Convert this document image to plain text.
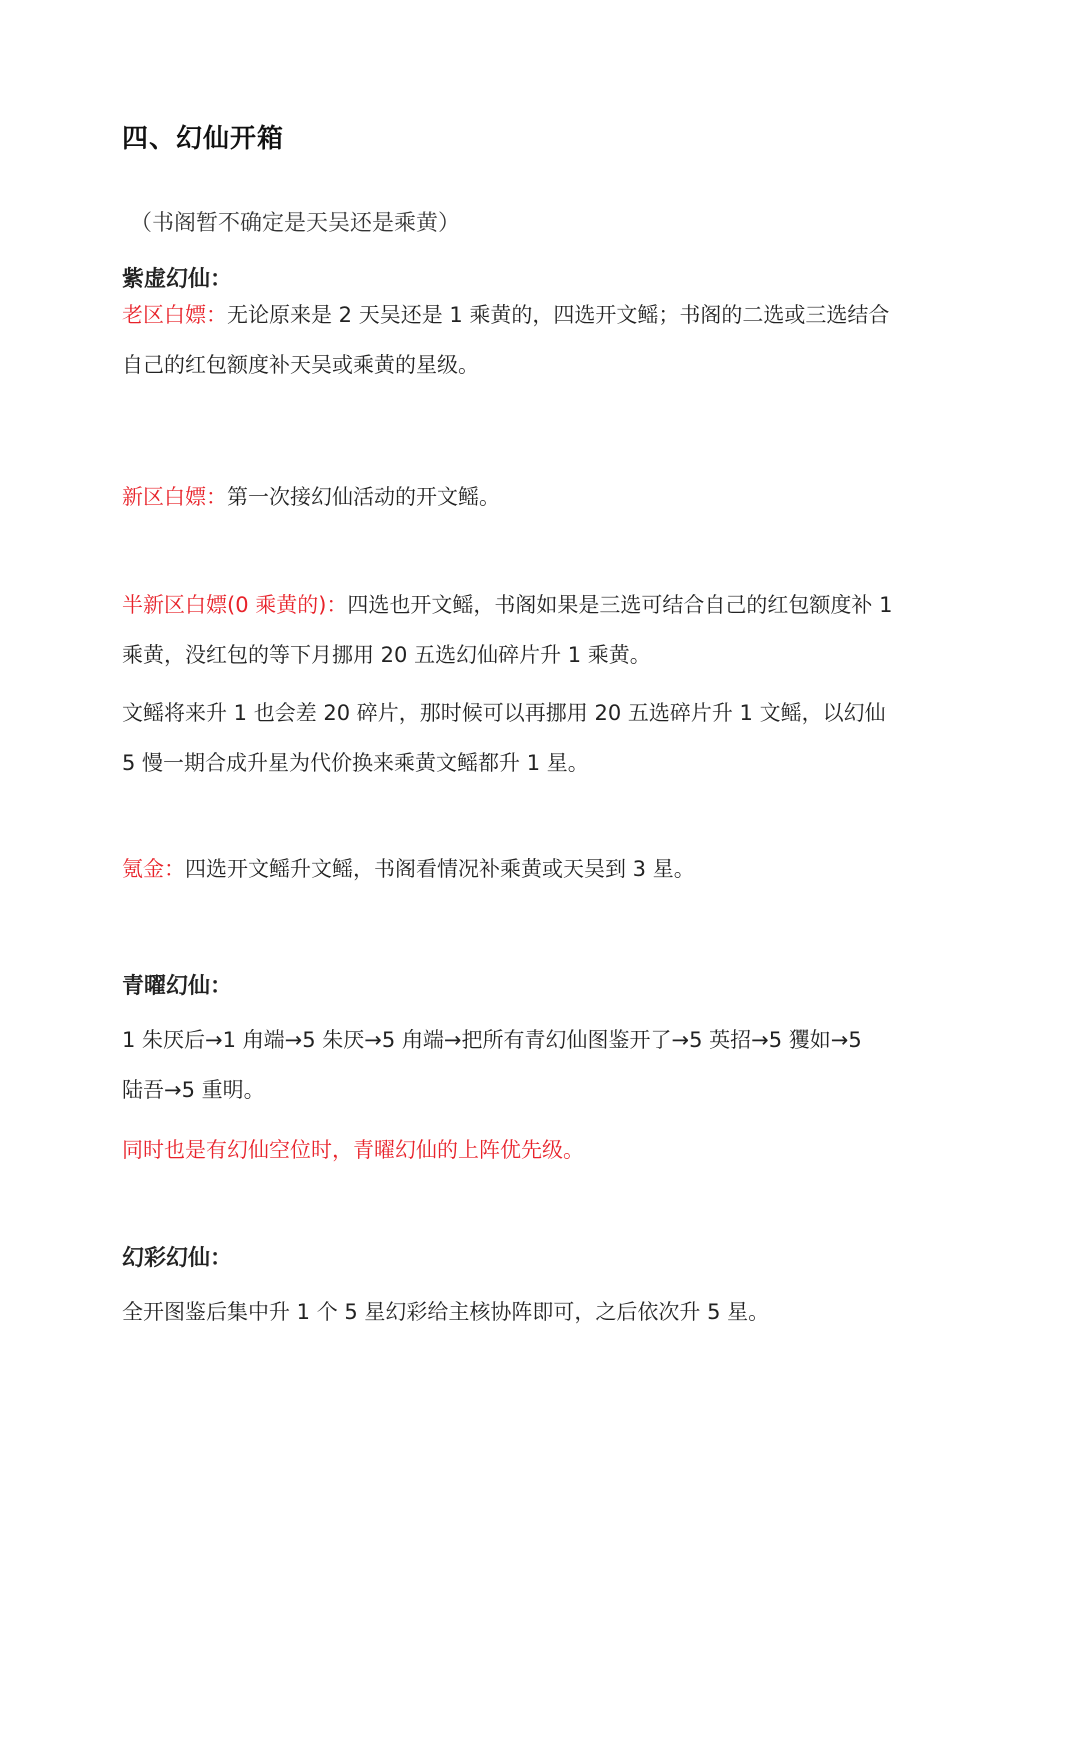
四、幻仙开箱
（书阁暂不确定是天吴还是乘黄）
紫虚幻仙：
老区白嫖：无论原来是 2 天吴还是 1 乘黄的，四选开文鳐；书阁的二选或三选结合
自己的红包额度补天吴或乘黄的星级。
新区白嫖：第一次接幻仙活动的开文鳐。
半新区白嫖(0 乘黄的)：四选也开文鳐，书阁如果是三选可结合自己的红包额度补 1
乘黄，没红包的等下月挪用 20 五选幻仙碎片升 1 乘黄。
文鳐将来升 1 也会差 20 碎片，那时候可以再挪用 20 五选碎片升 1 文鳐，以幻仙
5 慢一期合成升星为代价换来乘黄文鳐都升 1 星。
氪金：四选开文鳐升文鳐，书阁看情况补乘黄或天吴到 3 星。
青曜幻仙：
1 朱厌后→1 甪端→5 朱厌→5 甪端→把所有青幻仙图鉴开了→5 英招→5 玃如→5
陆吾→5 重明。
同时也是有幻仙空位时，青曜幻仙的上阵优先级。
幻彩幻仙：
全开图鉴后集中升 1 个 5 星幻彩给主核协阵即可，之后依次升 5 星。
